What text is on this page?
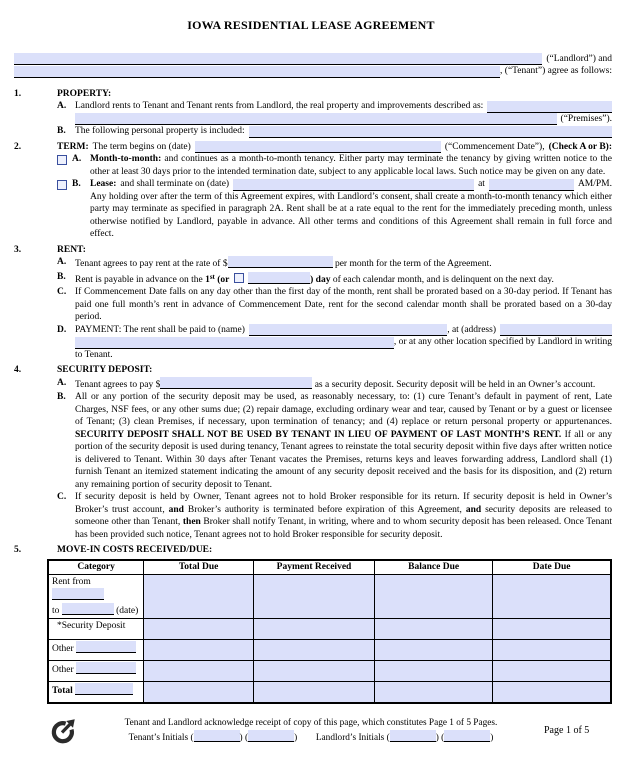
IOWA RESIDENTIAL LEASE AGREEMENT
(“Landlord”) and
, (“Tenant”) agree as follows:
1.	PROPERTY:
A. Landlord rents to Tenant and Tenant rents from Landlord, the real property and improvements described as:
(“Premises”).
B. The following personal property is included:
2.	TERM: The term begins on (date)	(“Commencement Date”), (Check A or B):
A. Month-to-month: and continues as a month-to-month tenancy. Either party may terminate the tenancy by giving written notice to the other at least 30 days prior to the intended termination date, subject to any applicable local laws. Such notice may be given on any date.
B. Lease: and shall terminate on (date)	at	AM/PM.
Any holding over after the term of this Agreement expires, with Landlord’s consent, shall create a month-to-month tenancy which either party may terminate as specified in paragraph 2A. Rent shall be at a rate equal to the rent for the immediately preceding month, unless otherwise notified by Landlord, payable in advance. All other terms and conditions of this Agreement shall remain in full force and effect.
3.	RENT:
A. Tenant agrees to pay rent at the rate of $	per month for the term of the Agreement.
B. Rent is payable in advance on the 1st (or	) day of each calendar month, and is delinquent on the next day.
C. If Commencement Date falls on any day other than the first day of the month, rent shall be prorated based on a 30-day period. If Tenant has paid one full month’s rent in advance of Commencement Date, rent for the second calendar month shall be prorated based on a 30-day period.
D. PAYMENT: The rent shall be paid to (name)	, at (address)
, or at any other location specified by Landlord in writing
to Tenant.
4.	SECURITY DEPOSIT:
A. Tenant agrees to pay $	as a security deposit. Security deposit will be held in an Owner’s account.
B. All or any portion of the security deposit may be used, as reasonably necessary, to: (1) cure Tenant’s default in payment of rent, Late Charges, NSF fees, or any other sums due; (2) repair damage, excluding ordinary wear and tear, caused by Tenant or by a guest or licensee of Tenant; (3) clean Premises, if necessary, upon termination of tenancy; and (4) replace or return personal property or appurtenances. SECURITY DEPOSIT SHALL NOT BE USED BY TENANT IN LIEU OF PAYMENT OF LAST MONTH’S RENT. If all or any portion of the security deposit is used during tenancy, Tenant agrees to reinstate the total security deposit within five days after written notice is delivered to Tenant. Within 30 days after Tenant vacates the Premises, returns keys and leaves forwarding address, Landlord shall (1) furnish Tenant an itemized statement indicating the amount of any security deposit received and the basis for its disposition, and (2) return any remaining portion of security deposit to Tenant.
C. If security deposit is held by Owner, Tenant agrees not to hold Broker responsible for its return. If security deposit is held in Owner’s Broker’s trust account, and Broker’s authority is terminated before expiration of this Agreement, and security deposits are released to someone other than Tenant, then Broker shall notify Tenant, in writing, where and to whom security deposit has been released. Once Tenant has been provided such notice, Tenant agrees not to hold Broker responsible for security deposit.
5.	MOVE-IN COSTS RECEIVED/DUE:
Category	Total Due	Payment Received	Balance Due	Date Due
Rent from
to (date)				
*Security Deposit				
Other				
Other				
Total				
Tenant and Landlord acknowledge receipt of copy of this page, which constitutes Page 1 of 5 Pages.
Tenant’s Initials (	) (	) Landlord’s Initials (	) (	)
Page 1 of 5
